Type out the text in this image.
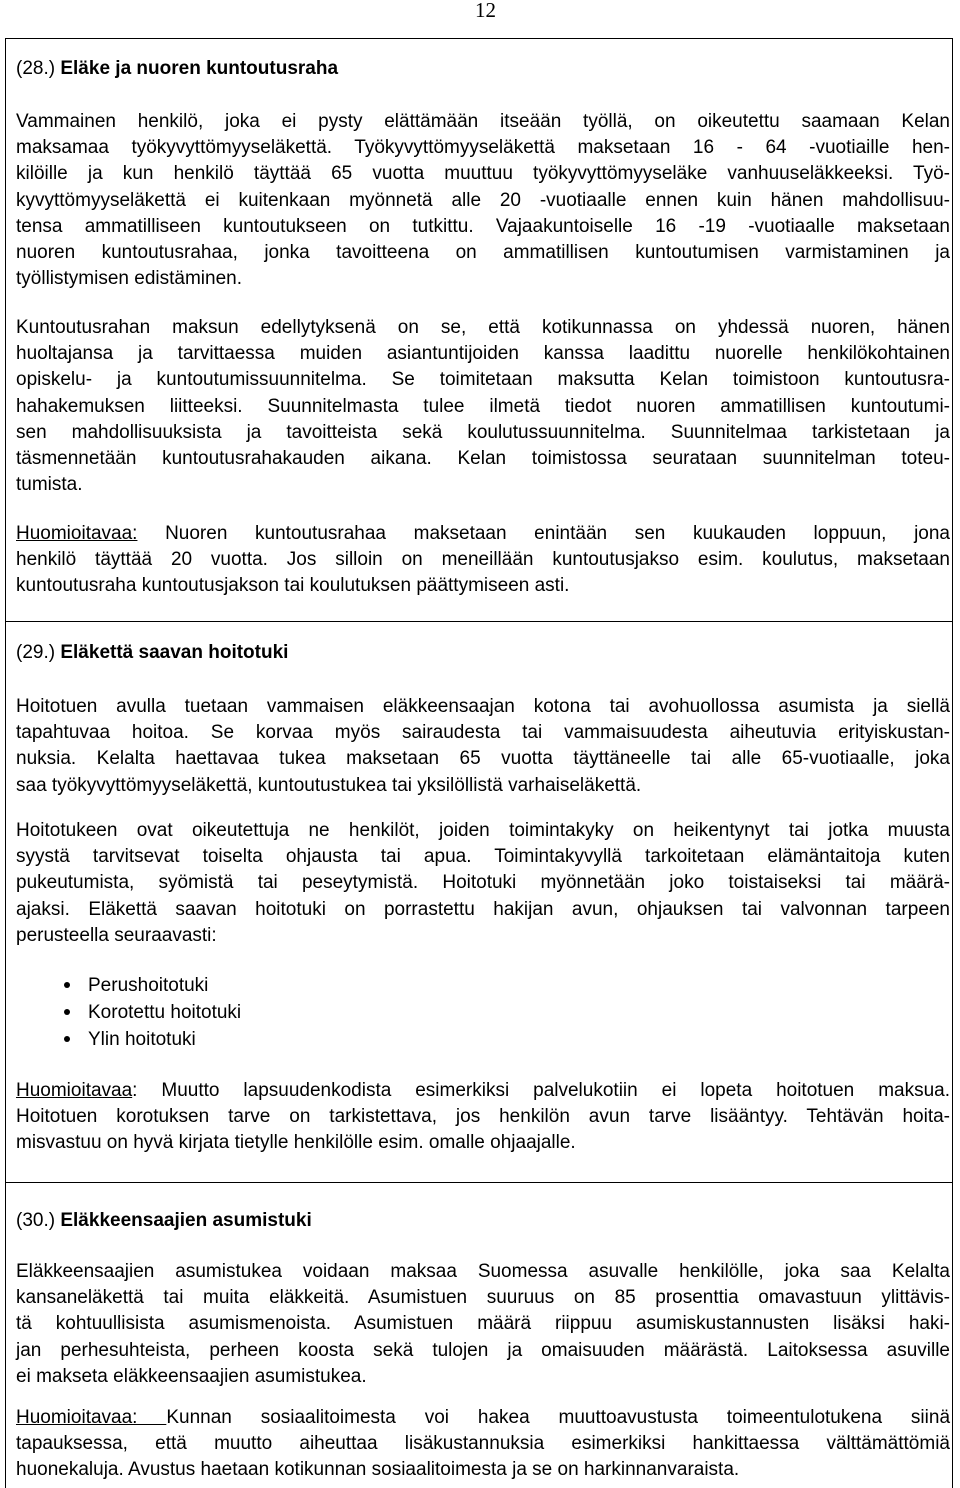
12
(28.) Eläke ja nuoren kuntoutusraha
Vammainen henkilö, joka ei pysty elättämään itseään työllä, on oikeutettu saamaan Kelan
maksamaa työkyvyttömyyseläkettä. Työkyvyttömyyseläkettä maksetaan 16 - 64 -vuotiaille hen-
kilöille ja kun henkilö täyttää 65 vuotta muuttuu työkyvyttömyyseläke vanhuuseläkkeeksi. Työ-
kyvyttömyyseläkettä ei kuitenkaan myönnetä alle 20 -vuotiaalle ennen kuin hänen mahdollisuu-
tensa ammatilliseen kuntoutukseen on tutkittu. Vajaakuntoiselle 16 -19 -vuotiaalle maksetaan
nuoren kuntoutusrahaa, jonka tavoitteena on ammatillisen kuntoutumisen varmistaminen ja
työllistymisen edistäminen.
Kuntoutusrahan maksun edellytyksenä on se, että kotikunnassa on yhdessä nuoren, hänen
huoltajansa ja tarvittaessa muiden asiantuntijoiden kanssa laadittu nuorelle henkilökohtainen
opiskelu- ja kuntoutumissuunnitelma. Se toimitetaan maksutta Kelan toimistoon kuntoutusra-
hahakemuksen liitteeksi. Suunnitelmasta tulee ilmetä tiedot nuoren ammatillisen kuntoutumi-
sen mahdollisuuksista ja tavoitteista sekä koulutussuunnitelma. Suunnitelmaa tarkistetaan ja
täsmennetään kuntoutusrahakauden aikana. Kelan toimistossa seurataan suunnitelman toteu-
tumista.
Huomioitavaa: Nuoren kuntoutusrahaa maksetaan enintään sen kuukauden loppuun, jona
henkilö täyttää 20 vuotta. Jos silloin on meneillään kuntoutusjakso esim. koulutus, maksetaan
kuntoutusraha kuntoutusjakson tai koulutuksen päättymiseen asti.
(29.) Eläkettä saavan hoitotuki
Hoitotuen avulla tuetaan vammaisen eläkkeensaajan kotona tai avohuollossa asumista ja siellä
tapahtuvaa hoitoa. Se korvaa myös sairaudesta tai vammaisuudesta aiheutuvia erityiskustan-
nuksia. Kelalta haettavaa tukea maksetaan 65 vuotta täyttäneelle tai alle 65-vuotiaalle, joka
saa työkyvyttömyyseläkettä, kuntoutustukea tai yksilöllistä varhaiseläkettä.
Hoitotukeen ovat oikeutettuja ne henkilöt, joiden toimintakyky on heikentynyt tai jotka muusta
syystä tarvitsevat toiselta ohjausta tai apua. Toimintakyvyllä tarkoitetaan elämäntaitoja kuten
pukeutumista, syömistä tai peseytymistä. Hoitotuki myönnetään joko toistaiseksi tai määrä-
ajaksi. Eläkettä saavan hoitotuki on porrastettu hakijan avun, ohjauksen tai valvonnan tarpeen
perusteella seuraavasti:
Perushoitotuki
Korotettu hoitotuki
Ylin hoitotuki
Huomioitavaa: Muutto lapsuudenkodista esimerkiksi palvelukotiin ei lopeta hoitotuen maksua.
Hoitotuen korotuksen tarve on tarkistettava, jos henkilön avun tarve lisääntyy. Tehtävän hoita-
misvastuu on hyvä kirjata tietylle henkilölle esim. omalle ohjaajalle.
(30.) Eläkkeensaajien asumistuki
Eläkkeensaajien asumistukea voidaan maksaa Suomessa asuvalle henkilölle, joka saa Kelalta
kansaneläkettä tai muita eläkkeitä. Asumistuen suuruus on 85 prosenttia omavastuun ylittävis-
tä kohtuullisista asumismenoista. Asumistuen määrä riippuu asumiskustannusten lisäksi haki-
jan perhesuhteista, perheen koosta sekä tulojen ja omaisuuden määrästä. Laitoksessa asuville
ei makseta eläkkeensaajien asumistukea.
Huomioitavaa: Kunnan sosiaalitoimesta voi hakea muuttoavustusta toimeentulotukena siinä
tapauksessa, että muutto aiheuttaa lisäkustannuksia esimerkiksi hankittaessa välttämättömiä
huonekaluja. Avustus haetaan kotikunnan sosiaalitoimesta ja se on harkinnanvaraista.
